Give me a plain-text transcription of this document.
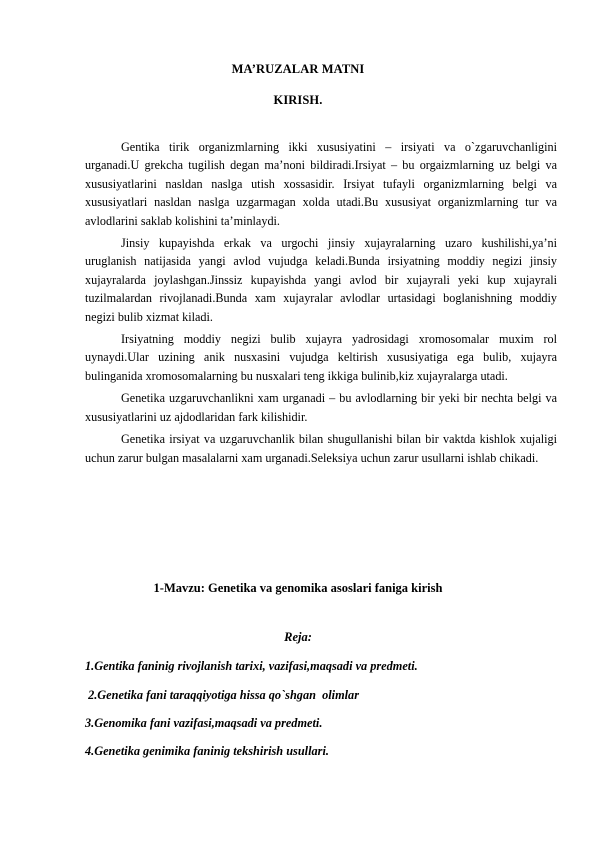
MA’RUZALAR MATNI
KIRISH.

Gentika tirik organizmlarning ikki xususiyatini – irsiyati va o`zgaruvchanligini urganadi.U grekcha tugilish degan ma’noni bildiradi.Irsiyat – bu orgaizmlarning uz belgi va xususiyatlarini nasldan naslga utish xossasidir. Irsiyat tufayli organizmlarning belgi va xususiyatlari nasldan naslga uzgarmagan xolda utadi.Bu xususiyat organizmlarning tur va avlodlarini saklab kolishini ta’minlaydi.

Jinsiy kupayishda erkak va urgochi jinsiy xujayralarning uzaro kushilishi,ya’ni uruglanish natijasida yangi avlod vujudga keladi.Bunda irsiyatning moddiy negizi jinsiy xujayralarda joylashgan.Jinssiz kupayishda yangi avlod bir xujayrali yeki kup xujayrali tuzilmalardan rivojlanadi.Bunda xam xujayralar avlodlar urtasidagi boglanishning moddiy negizi bulib xizmat kiladi.

Irsiyatning moddiy negizi bulib xujayra yadrosidagi xromosomalar muxim rol uynaydi.Ular uzining anik nusxasini vujudga keltirish xususiyatiga ega bulib, xujayra bulinganida xromosomalarning bu nusxalari teng ikkiga bulinib,kiz xujayralarga utadi.

Genetika uzgaruvchanlikni xam urganadi – bu avlodlarning bir yeki bir nechta belgi va xususiyatlarini uz ajdodlaridan fark kilishidir.

Genetika irsiyat va uzgaruvchanlik bilan shugullanishi bilan bir vaktda kishlok xujaligi uchun zarur bulgan masalalarni xam urganadi.Seleksiya uchun zarur usullarni ishlab chikadi.

1-Mavzu: Genetika va genomika asoslari faniga kirish
Reja:
1.Gentika faninig rivojlanish tarixi, vazifasi,maqsadi va predmeti.
2.Genetika fani taraqqiyotiga hissa qo`shgan  olimlar
3.Genomika fani vazifasi,maqsadi va predmeti.
4.Genetika genimika faninig tekshirish usullari.
